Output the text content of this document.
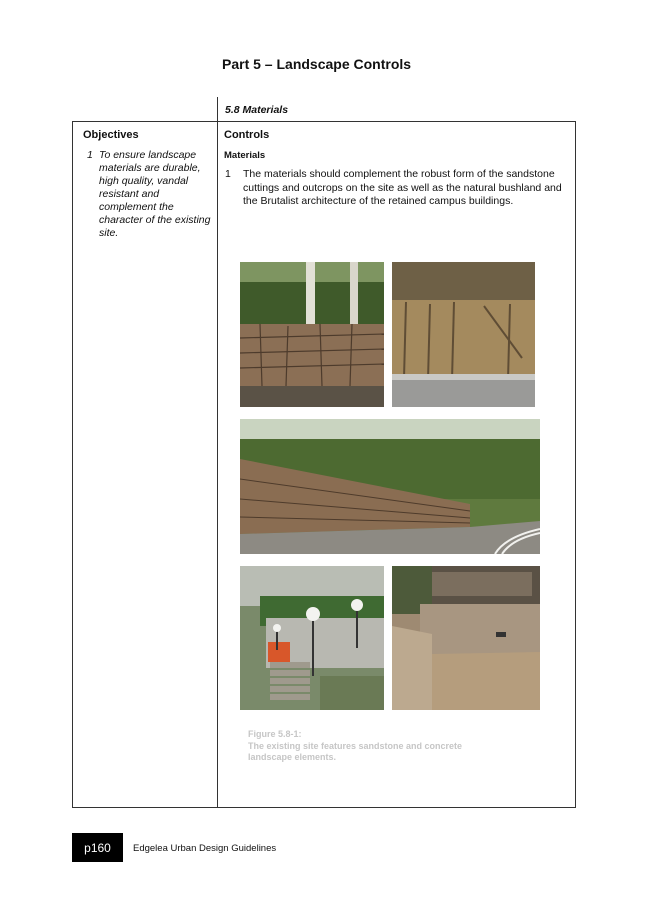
Part 5 – Landscape Controls
5.8 Materials
Objectives
1 To ensure landscape materials are durable, high quality, vandal resistant and complement the character of the existing site.
Controls
Materials
1 The materials should complement the robust form of the sandstone cuttings and outcrops on the site as well as the natural bushland and the Brutalist architecture of the retained campus buildings.
Figure 5.8-1:
The existing site features sandstone and concrete landscape elements.
p160	Edgelea Urban Design Guidelines
